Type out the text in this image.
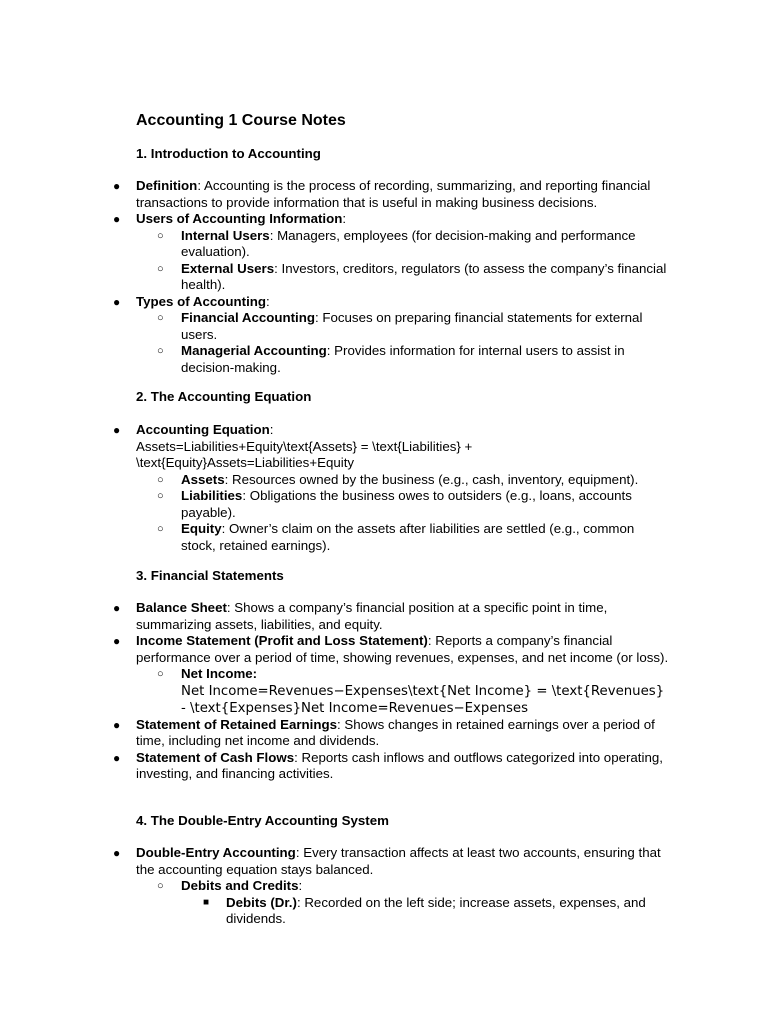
Accounting 1 Course Notes
1. Introduction to Accounting
● Definition: Accounting is the process of recording, summarizing, and reporting financial transactions to provide information that is useful in making business decisions.
● Users of Accounting Information:
○ Internal Users: Managers, employees (for decision-making and performance evaluation).
○ External Users: Investors, creditors, regulators (to assess the company’s financial health).
● Types of Accounting:
○ Financial Accounting: Focuses on preparing financial statements for external users.
○ Managerial Accounting: Provides information for internal users to assist in decision-making.
2. The Accounting Equation
● Accounting Equation:
Assets=Liabilities+Equity\text{Assets} = \text{Liabilities} + \text{Equity}Assets=Liabilities+Equity
○ Assets: Resources owned by the business (e.g., cash, inventory, equipment).
○ Liabilities: Obligations the business owes to outsiders (e.g., loans, accounts payable).
○ Equity: Owner’s claim on the assets after liabilities are settled (e.g., common stock, retained earnings).
3. Financial Statements
● Balance Sheet: Shows a company’s financial position at a specific point in time, summarizing assets, liabilities, and equity.
● Income Statement (Profit and Loss Statement): Reports a company’s financial performance over a period of time, showing revenues, expenses, and net income (or loss).
○ Net Income:
Net Income=Revenues−Expenses\text{Net Income} = \text{Revenues} - \text{Expenses}Net Income=Revenues−Expenses
● Statement of Retained Earnings: Shows changes in retained earnings over a period of time, including net income and dividends.
● Statement of Cash Flows: Reports cash inflows and outflows categorized into operating, investing, and financing activities.
4. The Double-Entry Accounting System
● Double-Entry Accounting: Every transaction affects at least two accounts, ensuring that the accounting equation stays balanced.
○ Debits and Credits:
■ Debits (Dr.): Recorded on the left side; increase assets, expenses, and dividends.
